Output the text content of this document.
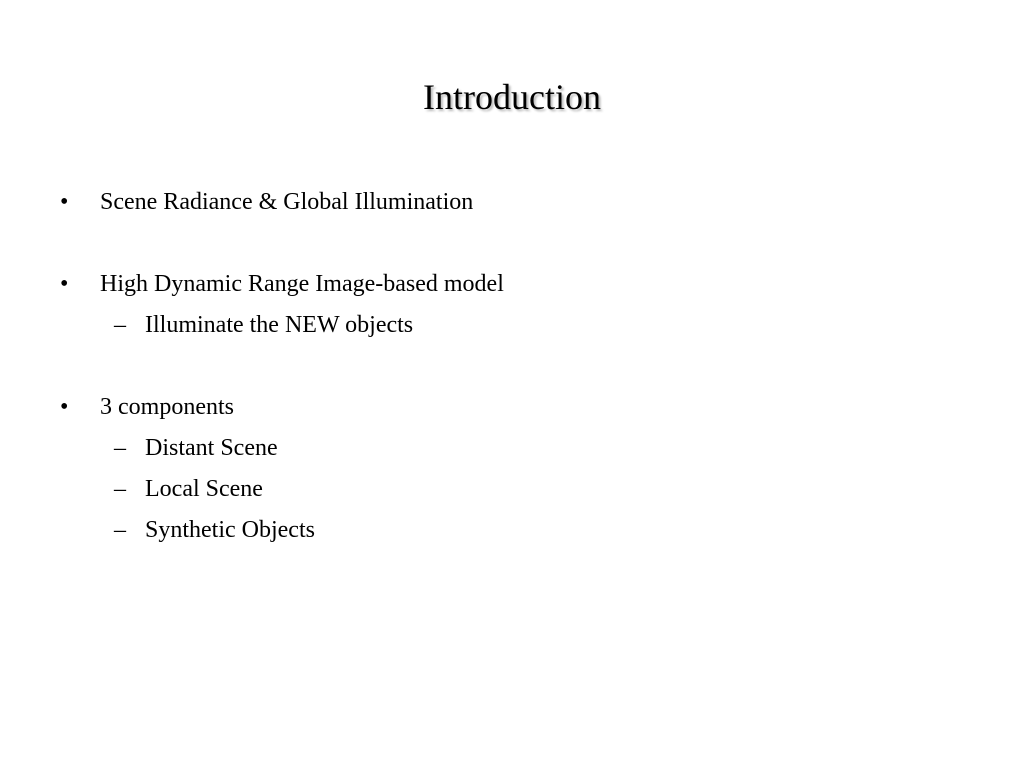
Introduction
• Scene Radiance & Global Illumination
• High Dynamic Range Image-based model
– Illuminate the NEW objects
• 3 components
– Distant Scene
– Local Scene
– Synthetic Objects
